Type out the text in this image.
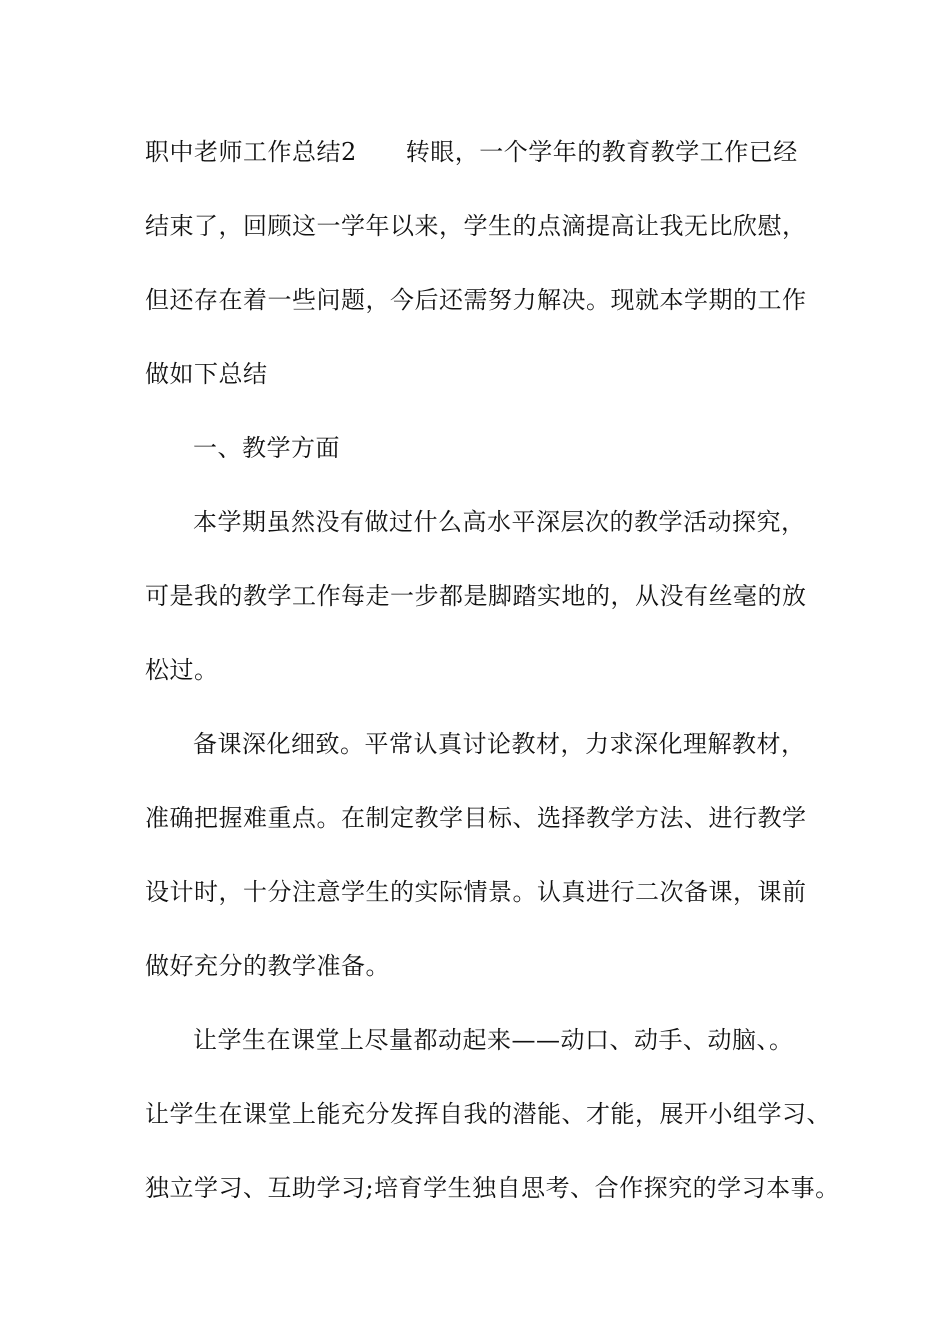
职中老师工作总结2　　转眼，一个学年的教育教学工作已经
结束了，回顾这一学年以来，学生的点滴提高让我无比欣慰，
但还存在着一些问题，今后还需努力解决。现就本学期的工作
做如下总结
一、教学方面
本学期虽然没有做过什么高水平深层次的教学活动探究，
可是我的教学工作每走一步都是脚踏实地的，从没有丝毫的放
松过。
备课深化细致。平常认真讨论教材，力求深化理解教材，
准确把握难重点。在制定教学目标、选择教学方法、进行教学
设计时，十分注意学生的实际情景。认真进行二次备课，课前
做好充分的教学准备。
让学生在课堂上尽量都动起来——动口、动手、动脑、。
让学生在课堂上能充分发挥自我的潜能、才能，展开小组学习、
独立学习、互助学习;培育学生独自思考、合作探究的学习本事。
